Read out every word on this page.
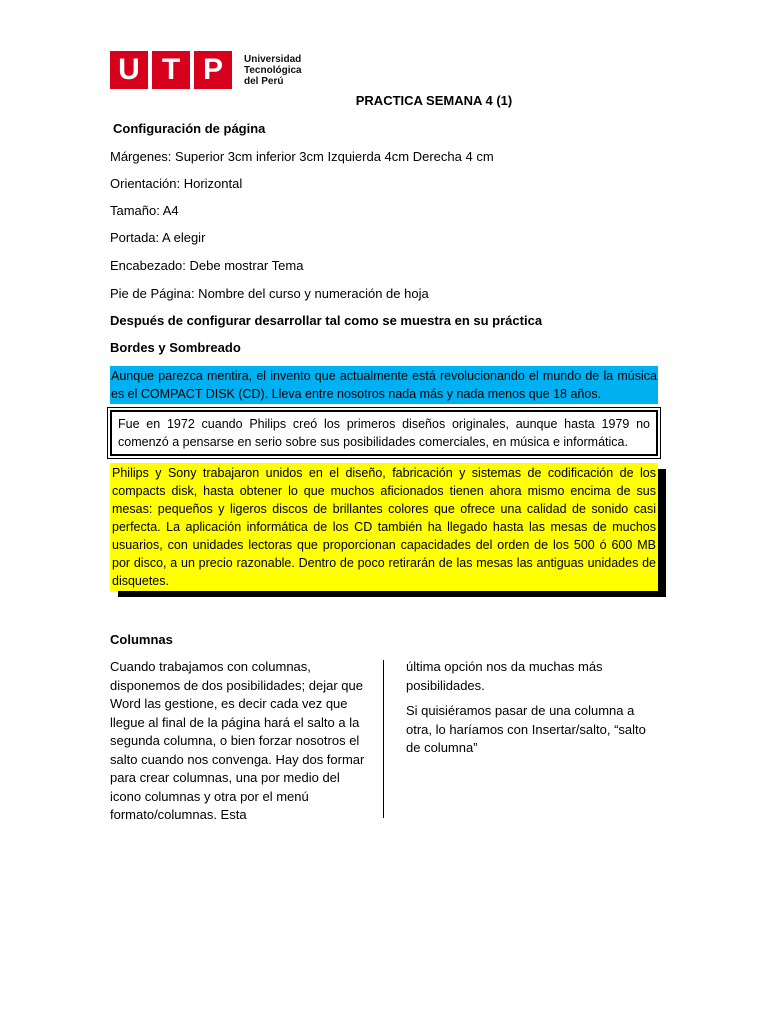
U T P	Universidad
Tecnológica
del Perú
PRACTICA SEMANA 4 (1)
Configuración de página
Márgenes: Superior 3cm inferior 3cm Izquierda 4cm Derecha 4 cm
Orientación: Horizontal
Tamaño: A4
Portada: A elegir
Encabezado: Debe mostrar Tema
Pie de Página: Nombre del curso y numeración de hoja
Después de configurar desarrollar tal como se muestra en su práctica
Bordes y Sombreado
Aunque parezca mentira, el invento que actualmente está revolucionando el mundo de la música es el COMPACT DISK (CD). Lleva entre nosotros nada más y nada menos que 18 años.
Fue en 1972 cuando Philips creó los primeros diseños originales, aunque hasta 1979 no comenzó a pensarse en serio sobre sus posibilidades comerciales, en música e informática.
Philips y Sony trabajaron unidos en el diseño, fabricación y sistemas de codificación de los compacts disk, hasta obtener lo que muchos aficionados tienen ahora mismo encima de sus mesas: pequeños y ligeros discos de brillantes colores que ofrece una calidad de sonido casi perfecta. La aplicación informática de los CD también ha llegado hasta las mesas de muchos usuarios, con unidades lectoras que proporcionan capacidades del orden de los 500 ó 600 MB por disco, a un precio razonable. Dentro de poco retirarán de las mesas las antiguas unidades de disquetes.
Columnas
Cuando trabajamos con columnas, disponemos de dos posibilidades; dejar que Word las gestione, es decir cada vez que llegue al final de la página hará el salto a la segunda columna, o bien forzar nosotros el salto cuando nos convenga. Hay dos formar para crear columnas, una por medio del icono columnas y otra por el menú formato/columnas. Esta

última opción nos da muchas más posibilidades.

Si quisiéramos pasar de una columna a otra, lo haríamos con Insertar/salto, “salto de columna”
